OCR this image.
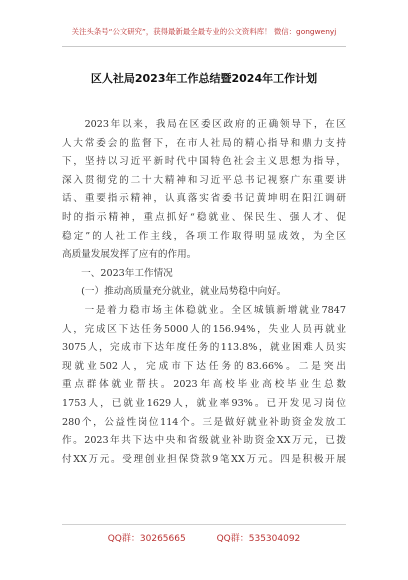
关注头条号“公文研究”，获得最新最全最专业的公文资料库！ 微信：gongwenyj
区人社局2023年工作总结暨2024年工作计划
　　2023年以来，我局在区委区政府的正确领导下，在区
人大常委会的监督下，在市人社局的精心指导和鼎力支持
下，坚持以习近平新时代中国特色社会主义思想为指导，
深入贯彻党的二十大精神和习近平总书记视察广东重要讲
话、重要指示精神，认真落实省委书记黄坤明在阳江调研
时的指示精神，重点抓好“稳就业、保民生、强人才、促
稳定”的人社工作主线，各项工作取得明显成效，为全区
高质量发展发挥了应有的作用。
　　一、2023年工作情况
　　(一）推动高质量充分就业，就业局势稳中向好。
　　一是着力稳市场主体稳就业。全区城镇新增就业7847
人，完成区下达任务5000人的156.94%，失业人员再就业
3075人，完成市下达年度任务的113.8%，就业困难人员实
现就业502人，完成市下达任务的83.66%。二是突出
重点群体就业帮扶。2023年高校毕业高校毕业生总数
1753人，已就业1629人，就业率93%。已开发见习岗位
280个，公益性岗位114个。三是做好就业补助资金发放工
作。2023年共下达中央和省级就业补助资金XX万元，已拨
付XX万元。受理创业担保贷款9笔XX万元。四是积极开展
QQ群：30265665	QQ群：535304092
